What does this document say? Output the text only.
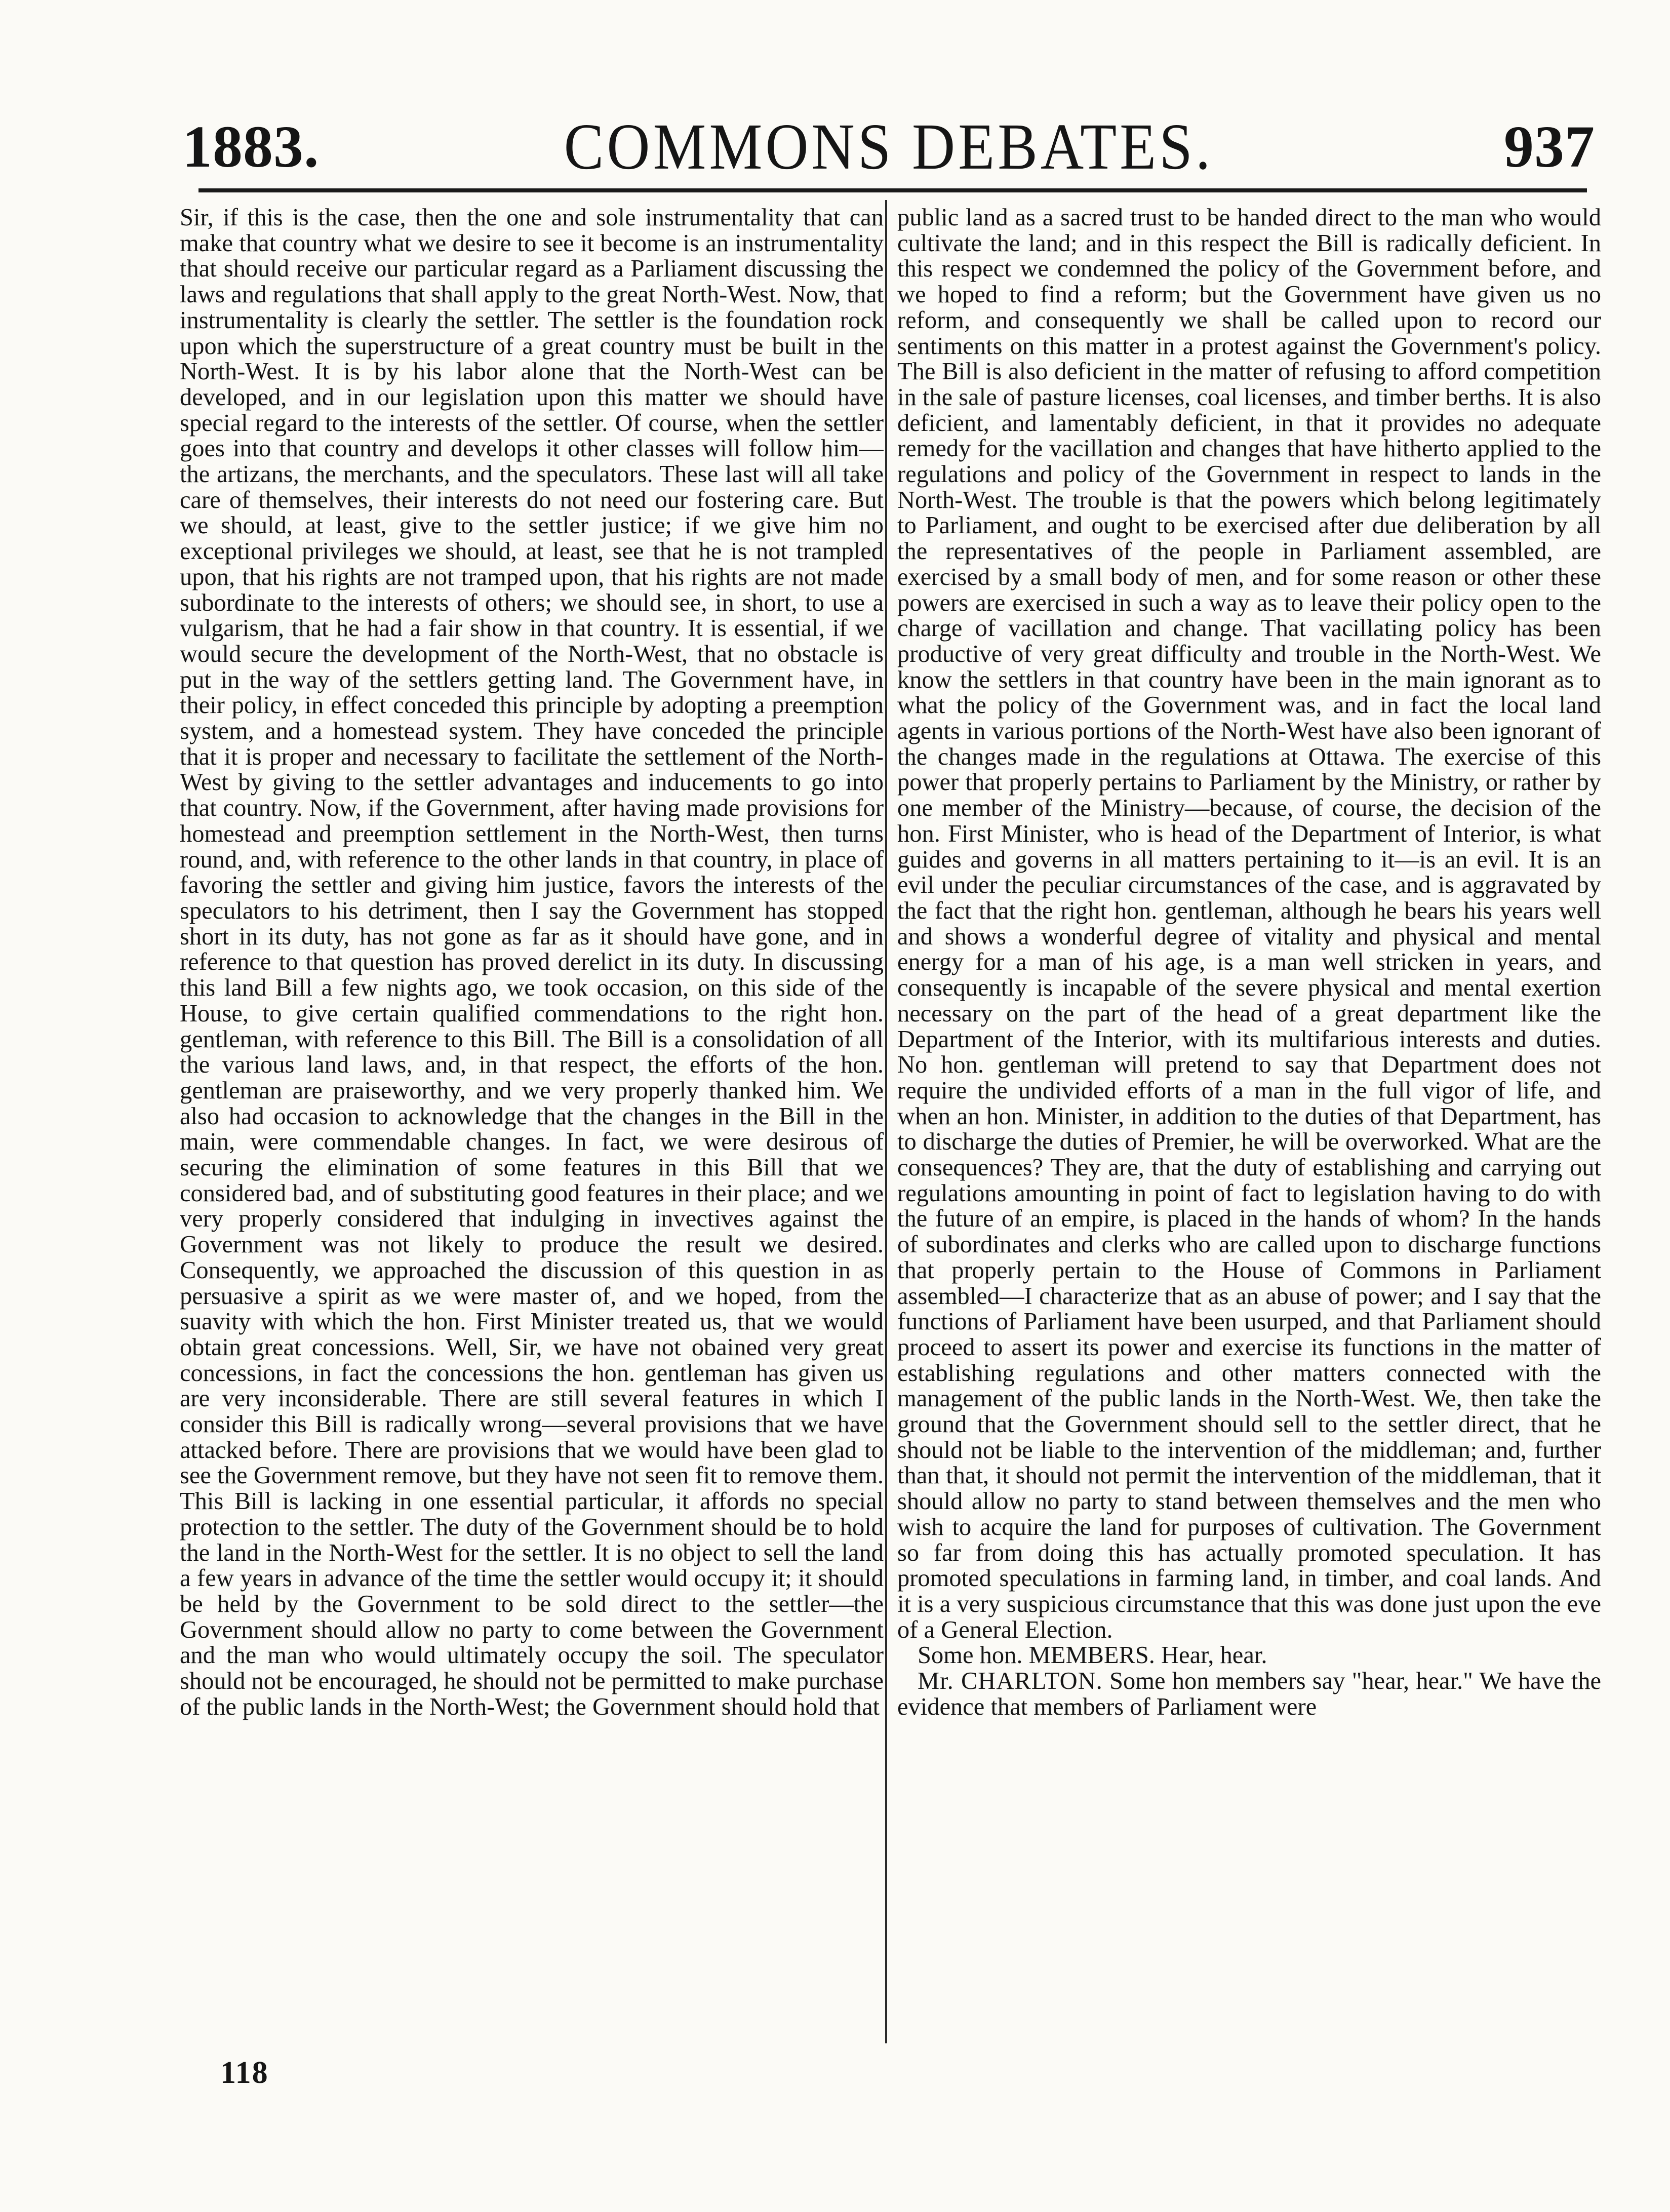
COMMONS DEBATES.
1883.	937

Sir, if this is the case, then the one and sole instrumentality that can make that country what we desire to see it become is an instrumentality that should receive our particular regard as a Parliament discussing the laws and regulations that shall apply to the great North-West. Now, that instrumentality is clearly the settler. The settler is the foundation rock upon which the superstructure of a great country must be built in the North-West. It is by his labor alone that the North-West can be developed, and in our legislation upon this matter we should have special regard to the interests of the settler. Of course, when the settler goes into that country and develops it other classes will follow him—the artizans, the merchants, and the speculators. These last will all take care of themselves, their interests do not need our fostering care. But we should, at least, give to the settler justice; if we give him no exceptional privileges we should, at least, see that he is not trampled upon, that his rights are not tramped upon, that his rights are not made subordinate to the interests of others; we should see, in short, to use a vulgarism, that he had a fair show in that country. It is essential, if we would secure the development of the North-West, that no obstacle is put in the way of the settlers getting land. The Government have, in their policy, in effect conceded this principle by adopting a preemption system, and a homestead system. They have conceded the principle that it is proper and necessary to facilitate the settlement of the North-West by giving to the settler advantages and inducements to go into that country. Now, if the Government, after having made provisions for homestead and preemption settlement in the North-West, then turns round, and, with reference to the other lands in that country, in place of favoring the settler and giving him justice, favors the interests of the speculators to his detriment, then I say the Government has stopped short in its duty, has not gone as far as it should have gone, and in reference to that question has proved derelict in its duty. In discussing this land Bill a few nights ago, we took occasion, on this side of the House, to give certain qualified commendations to the right hon. gentleman, with reference to this Bill. The Bill is a consolidation of all the various land laws, and, in that respect, the efforts of the hon. gentleman are praiseworthy, and we very properly thanked him. We also had occasion to acknowledge that the changes in the Bill in the main, were commendable changes. In fact, we were desirous of securing the elimination of some features in this Bill that we considered bad, and of substituting good features in their place; and we very properly considered that indulging in invectives against the Government was not likely to produce the result we desired. Consequently, we approached the discussion of this question in as persuasive a spirit as we were master of, and we hoped, from the suavity with which the hon. First Minister treated us, that we would obtain great concessions. Well, Sir, we have not obained very great concessions, in fact the concessions the hon. gentleman has given us are very inconsiderable. There are still several features in which I consider this Bill is radically wrong—several provisions that we have attacked before. There are provisions that we would have been glad to see the Government remove, but they have not seen fit to remove them. This Bill is lacking in one essential particular, it affords no special protection to the settler. The duty of the Government should be to hold the land in the North-West for the settler. It is no object to sell the land a few years in advance of the time the settler would occupy it; it should be held by the Government to be sold direct to the settler—the Government should allow no party to come between the Government and the man who would ultimately occupy the soil. The speculator should not be encouraged, he should not be permitted to make purchase of the public lands in the North-West; the Government should hold that

public land as a sacred trust to be handed direct to the man who would cultivate the land; and in this respect the Bill is radically deficient. In this respect we condemned the policy of the Government before, and we hoped to find a reform; but the Government have given us no reform, and consequently we shall be called upon to record our sentiments on this matter in a protest against the Government's policy. The Bill is also deficient in the matter of refusing to afford competition in the sale of pasture licenses, coal licenses, and timber berths. It is also deficient, and lamentably deficient, in that it provides no adequate remedy for the vacillation and changes that have hitherto applied to the regulations and policy of the Government in respect to lands in the North-West. The trouble is that the powers which belong legitimately to Parliament, and ought to be exercised after due deliberation by all the representatives of the people in Parliament assembled, are exercised by a small body of men, and for some reason or other these powers are exercised in such a way as to leave their policy open to the charge of vacillation and change. That vacillating policy has been productive of very great difficulty and trouble in the North-West. We know the settlers in that country have been in the main ignorant as to what the policy of the Government was, and in fact the local land agents in various portions of the North-West have also been ignorant of the changes made in the regulations at Ottawa. The exercise of this power that properly pertains to Parliament by the Ministry, or rather by one member of the Ministry—because, of course, the decision of the hon. First Minister, who is head of the Department of Interior, is what guides and governs in all matters pertaining to it—is an evil. It is an evil under the peculiar circumstances of the case, and is aggravated by the fact that the right hon. gentleman, although he bears his years well and shows a wonderful degree of vitality and physical and mental energy for a man of his age, is a man well stricken in years, and consequently is incapable of the severe physical and mental exertion necessary on the part of the head of a great department like the Department of the Interior, with its multifarious interests and duties. No hon. gentleman will pretend to say that Department does not require the undivided efforts of a man in the full vigor of life, and when an hon. Minister, in addition to the duties of that Department, has to discharge the duties of Premier, he will be overworked. What are the consequences? They are, that the duty of establishing and carrying out regulations amounting in point of fact to legislation having to do with the future of an empire, is placed in the hands of whom? In the hands of subordinates and clerks who are called upon to discharge functions that properly pertain to the House of Commons in Parliament assembled—I characterize that as an abuse of power; and I say that the functions of Parliament have been usurped, and that Parliament should proceed to assert its power and exercise its functions in the matter of establishing regulations and other matters connected with the management of the public lands in the North-West. We, then take the ground that the Government should sell to the settler direct, that he should not be liable to the intervention of the middleman; and, further than that, it should not permit the intervention of the middleman, that it should allow no party to stand between themselves and the men who wish to acquire the land for purposes of cultivation. The Government so far from doing this has actually promoted speculation. It has promoted speculations in farming land, in timber, and coal lands. And it is a very suspicious circumstance that this was done just upon the eve of a General Election.

Some hon. MEMBERS. Hear, hear.

Mr. CHARLTON. Some hon members say "hear, hear." We have the evidence that members of Parliament were

118
